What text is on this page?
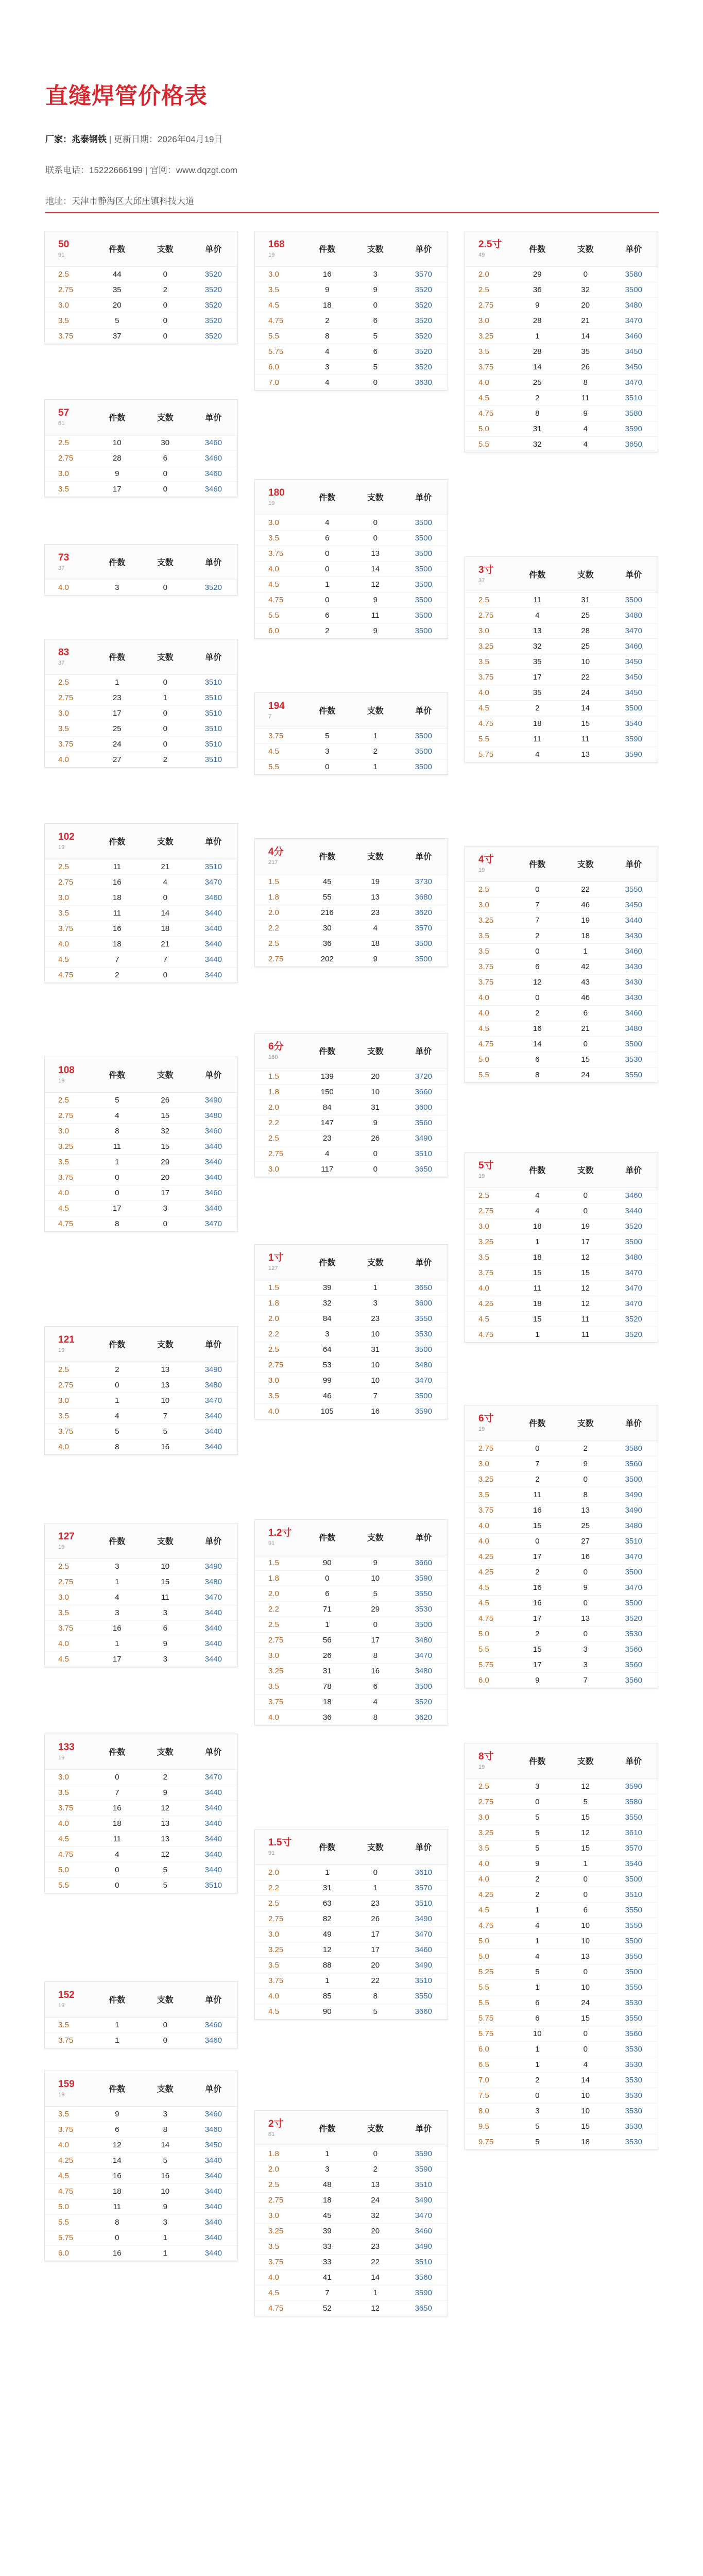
直缝焊管价格表
厂家：兆泰钢铁 | 更新日期：2026年04月19日
联系电话：15222666199 | 官网：www.dqzgt.com
地址：天津市静海区大邱庄镇科技大道
50
91	件数	支数	单价
2.5	44	0	3520
2.75	35	2	3520
3.0	20	0	3520
3.5	5	0	3520
3.75	37	0	3520
57
61	件数	支数	单价
2.5	10	30	3460
2.75	28	6	3460
3.0	9	0	3460
3.5	17	0	3460
73
37	件数	支数	单价
4.0	3	0	3520
83
37	件数	支数	单价
2.5	1	0	3510
2.75	23	1	3510
3.0	17	0	3510
3.5	25	0	3510
3.75	24	0	3510
4.0	27	2	3510
102
19	件数	支数	单价
2.5	11	21	3510
2.75	16	4	3470
3.0	18	0	3460
3.5	11	14	3440
3.75	16	18	3440
4.0	18	21	3440
4.5	7	7	3440
4.75	2	0	3440
108
19	件数	支数	单价
2.5	5	26	3490
2.75	4	15	3480
3.0	8	32	3460
3.25	11	15	3440
3.5	1	29	3440
3.75	0	20	3440
4.0	0	17	3460
4.5	17	3	3440
4.75	8	0	3470
121
19	件数	支数	单价
2.5	2	13	3490
2.75	0	13	3480
3.0	1	10	3470
3.5	4	7	3440
3.75	5	5	3440
4.0	8	16	3440
127
19	件数	支数	单价
2.5	3	10	3490
2.75	1	15	3480
3.0	4	11	3470
3.5	3	3	3440
3.75	16	6	3440
4.0	1	9	3440
4.5	17	3	3440
133
19	件数	支数	单价
3.0	0	2	3470
3.5	7	9	3440
3.75	16	12	3440
4.0	18	13	3440
4.5	11	13	3440
4.75	4	12	3440
5.0	0	5	3440
5.5	0	5	3510
152
19	件数	支数	单价
3.5	1	0	3460
3.75	1	0	3460
159
19	件数	支数	单价
3.5	9	3	3460
3.75	6	8	3460
4.0	12	14	3450
4.25	14	5	3440
4.5	16	16	3440
4.75	18	10	3440
5.0	11	9	3440
5.5	8	3	3440
5.75	0	1	3440
6.0	16	1	3440
168
19	件数	支数	单价
3.0	16	3	3570
3.5	9	9	3520
4.5	18	0	3520
4.75	2	6	3520
5.5	8	5	3520
5.75	4	6	3520
6.0	3	5	3520
7.0	4	0	3630
180
19	件数	支数	单价
3.0	4	0	3500
3.5	6	0	3500
3.75	0	13	3500
4.0	0	14	3500
4.5	1	12	3500
4.75	0	9	3500
5.5	6	11	3500
6.0	2	9	3500
194
7	件数	支数	单价
3.75	5	1	3500
4.5	3	2	3500
5.5	0	1	3500
4分
217	件数	支数	单价
1.5	45	19	3730
1.8	55	13	3680
2.0	216	23	3620
2.2	30	4	3570
2.5	36	18	3500
2.75	202	9	3500
6分
160	件数	支数	单价
1.5	139	20	3720
1.8	150	10	3660
2.0	84	31	3600
2.2	147	9	3560
2.5	23	26	3490
2.75	4	0	3510
3.0	117	0	3650
1寸
127	件数	支数	单价
1.5	39	1	3650
1.8	32	3	3600
2.0	84	23	3550
2.2	3	10	3530
2.5	64	31	3500
2.75	53	10	3480
3.0	99	10	3470
3.5	46	7	3500
4.0	105	16	3590
1.2寸
91	件数	支数	单价
1.5	90	9	3660
1.8	0	10	3590
2.0	6	5	3550
2.2	71	29	3530
2.5	1	0	3500
2.75	56	17	3480
3.0	26	8	3470
3.25	31	16	3480
3.5	78	6	3500
3.75	18	4	3520
4.0	36	8	3620
1.5寸
91	件数	支数	单价
2.0	1	0	3610
2.2	31	1	3570
2.5	63	23	3510
2.75	82	26	3490
3.0	49	17	3470
3.25	12	17	3460
3.5	88	20	3490
3.75	1	22	3510
4.0	85	8	3550
4.5	90	5	3660
2寸
61	件数	支数	单价
1.8	1	0	3590
2.0	3	2	3590
2.5	48	13	3510
2.75	18	24	3490
3.0	45	32	3470
3.25	39	20	3460
3.5	33	23	3490
3.75	33	22	3510
4.0	41	14	3560
4.5	7	1	3590
4.75	52	12	3650
2.5寸
49	件数	支数	单价
2.0	29	0	3580
2.5	36	32	3500
2.75	9	20	3480
3.0	28	21	3470
3.25	1	14	3460
3.5	28	35	3450
3.75	14	26	3450
4.0	25	8	3470
4.5	2	11	3510
4.75	8	9	3580
5.0	31	4	3590
5.5	32	4	3650
3寸
37	件数	支数	单价
2.5	11	31	3500
2.75	4	25	3480
3.0	13	28	3470
3.25	32	25	3460
3.5	35	10	3450
3.75	17	22	3450
4.0	35	24	3450
4.5	2	14	3500
4.75	18	15	3540
5.5	11	11	3590
5.75	4	13	3590
4寸
19	件数	支数	单价
2.5	0	22	3550
3.0	7	46	3450
3.25	7	19	3440
3.5	2	18	3430
3.5	0	1	3460
3.75	6	42	3430
3.75	12	43	3430
4.0	0	46	3430
4.0	2	6	3460
4.5	16	21	3480
4.75	14	0	3500
5.0	6	15	3530
5.5	8	24	3550
5寸
19	件数	支数	单价
2.5	4	0	3460
2.75	4	0	3440
3.0	18	19	3520
3.25	1	17	3500
3.5	18	12	3480
3.75	15	15	3470
4.0	11	12	3470
4.25	18	12	3470
4.5	15	11	3520
4.75	1	11	3520
6寸
19	件数	支数	单价
2.75	0	2	3580
3.0	7	9	3560
3.25	2	0	3500
3.5	11	8	3490
3.75	16	13	3490
4.0	15	25	3480
4.0	0	27	3510
4.25	17	16	3470
4.25	2	0	3500
4.5	16	9	3470
4.5	16	0	3500
4.75	17	13	3520
5.0	2	0	3530
5.5	15	3	3560
5.75	17	3	3560
6.0	9	7	3560
8寸
19	件数	支数	单价
2.5	3	12	3590
2.75	0	5	3580
3.0	5	15	3550
3.25	5	12	3610
3.5	5	15	3570
4.0	9	1	3540
4.0	2	0	3500
4.25	2	0	3510
4.5	1	6	3550
4.75	4	10	3550
5.0	1	10	3500
5.0	4	13	3550
5.25	5	0	3500
5.5	1	10	3550
5.5	6	24	3530
5.75	6	15	3550
5.75	10	0	3560
6.0	1	0	3530
6.5	1	4	3530
7.0	2	14	3530
7.5	0	10	3530
8.0	3	10	3530
9.5	5	15	3530
9.75	5	18	3530
